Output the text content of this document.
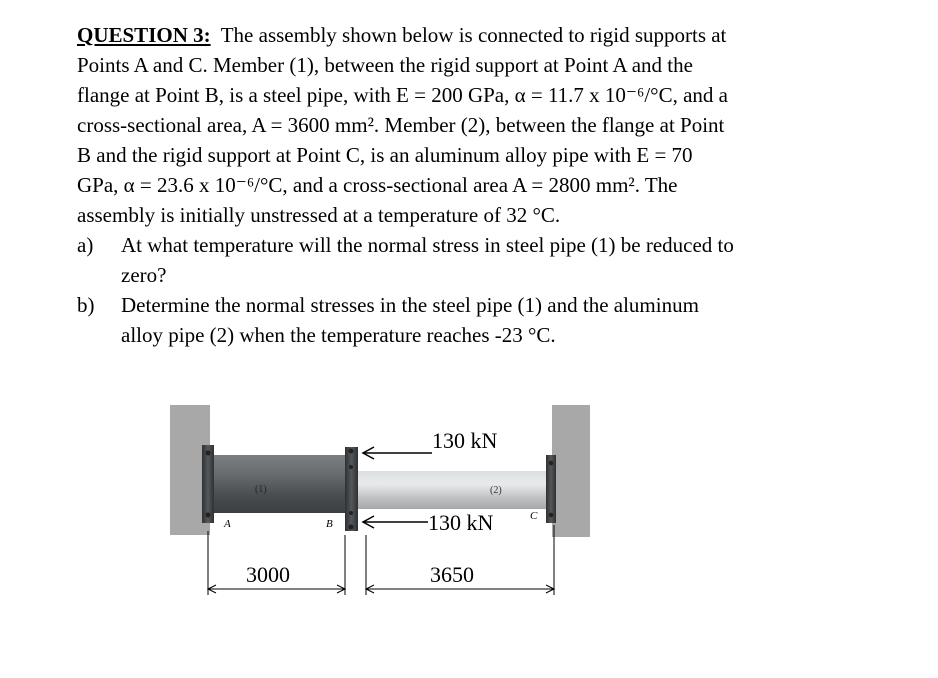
QUESTION 3: The assembly shown below is connected to rigid supports at
Points A and C. Member (1), between the rigid support at Point A and the
flange at Point B, is a steel pipe, with E = 200 GPa, α = 11.7 x 10⁻⁶/°C, and a
cross-sectional area, A = 3600 mm². Member (2), between the flange at Point
B and the rigid support at Point C, is an aluminum alloy pipe with E = 70
GPa, α = 23.6 x 10⁻⁶/°C, and a cross-sectional area A = 2800 mm². The
assembly is initially unstressed at a temperature of 32 °C.
a)	At what temperature will the normal stress in steel pipe (1) be reduced to
zero?
b)	Determine the normal stresses in the steel pipe (1) and the aluminum
alloy pipe (2) when the temperature reaches -23 °C.
(1)	(2)
A	B
C
130 kN
130 kN
3000	3650
